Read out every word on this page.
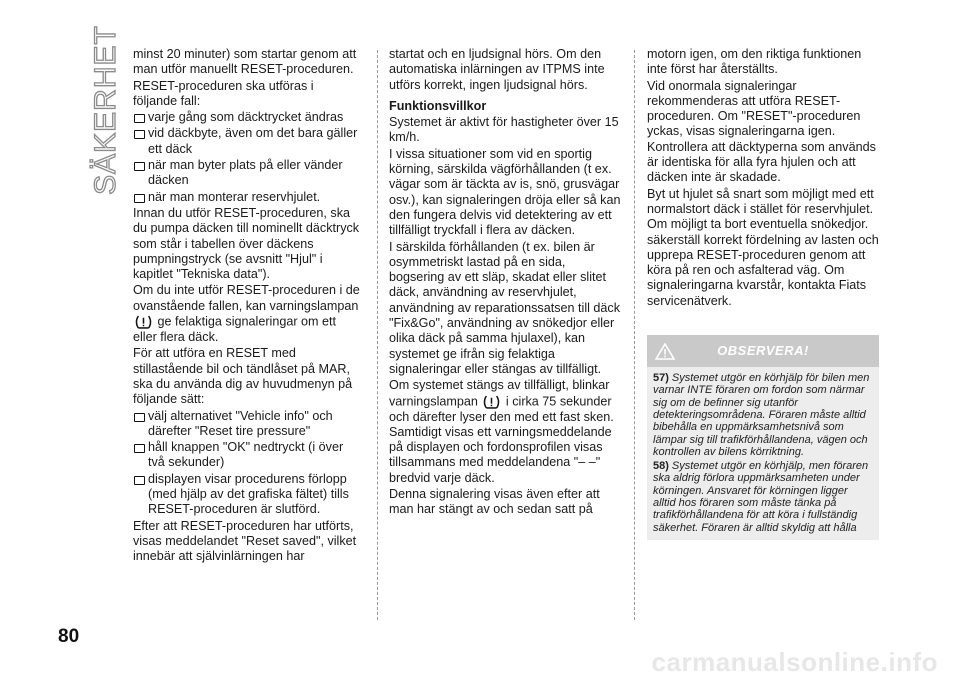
SÄKERHET minst 20 minuter) som startar genom att man utför manuellt RESET-proceduren.

RESET-proceduren ska utföras i följande fall:

varje gång som däcktrycket ändras

vid däckbyte, även om det bara gäller ett däck

när man byter plats på eller vänder däcken

när man monterar reservhjulet.

Innan du utför RESET-proceduren, ska du pumpa däcken till nominellt däcktryck som står i tabellen över däckens pumpningstryck (se avsnitt "Hjul" i kapitlet "Tekniska data").

Om du inte utför RESET-proceduren i de ovanstående fallen, kan varningslampan  ge felaktiga signaleringar om ett eller flera däck.

För att utföra en RESET med stillastående bil och tändlåset på MAR, ska du använda dig av huvudmenyn på följande sätt:

välj alternativet "Vehicle info" och därefter "Reset tire pressure"

håll knappen "OK" nedtryckt (i över två sekunder)

displayen visar procedurens förlopp (med hjälp av det grafiska fältet) tills RESET-proceduren är slutförd.

Efter att RESET-proceduren har utförts, visas meddelandet "Reset saved", vilket innebär att självinlärningen har

startat och en ljudsignal hörs. Om den automatiska inlärningen av ITPMS inte utförs korrekt, ingen ljudsignal hörs.

Funktionsvillkor

Systemet är aktivt för hastigheter över 15 km/h.

I vissa situationer som vid en sportig körning, särskilda vägförhållanden (t ex. vägar som är täckta av is, snö, grusvägar osv.), kan signaleringen dröja eller så kan den fungera delvis vid detektering av ett tillfälligt tryckfall i flera av däcken.

I särskilda förhållanden (t ex. bilen är osymmetriskt lastad på en sida, bogsering av ett släp, skadat eller slitet däck, användning av reservhjulet, användning av reparationssatsen till däck "Fix&Go", användning av snökedjor eller olika däck på samma hjulaxel), kan systemet ge ifrån sig felaktiga signaleringar eller stängas av tillfälligt.

Om systemet stängs av tillfälligt, blinkar varningslampan i cirka 75 sekunder och därefter lyser den med ett fast sken. Samtidigt visas ett varningsmeddelande på displayen och fordonsprofilen visas tillsammans med meddelandena "– –" bredvid varje däck.

Denna signalering visas även efter att man har stängt av och sedan satt på

motorn igen, om den riktiga funktionen inte först har återställts.

Vid onormala signaleringar rekommenderas att utföra RESET-proceduren. Om "RESET"-proceduren yckas, visas signaleringarna igen. Kontrollera att däcktyperna som används är identiska för alla fyra hjulen och att däcken inte är skadade.

Byt ut hjulet så snart som möjligt med ett normalstort däck i stället för reservhjulet. Om möjligt ta bort eventuella snökedjor. säkerställ korrekt fördelning av lasten och upprepa RESET-proceduren genom att köra på ren och asfalterad väg. Om signaleringarna kvarstår, kontakta Fiats servicenätverk.

OBSERVERA!

57) Systemet utgör en körhjälp för bilen men varnar INTE föraren om fordon som närmar sig om de befinner sig utanför detekteringsområdena. Föraren måste alltid bibehålla en uppmärksamhetsnivå som lämpar sig till trafikförhållandena, vägen och kontrollen av bilens körriktning.

58) Systemet utgör en körhjälp, men föraren ska aldrig förlora uppmärksamheten under körningen. Ansvaret för körningen ligger alltid hos föraren som måste tänka på trafikförhållandena för att köra i fullständig säkerhet. Föraren är alltid skyldig att hålla

80
carmanualsonline.info
